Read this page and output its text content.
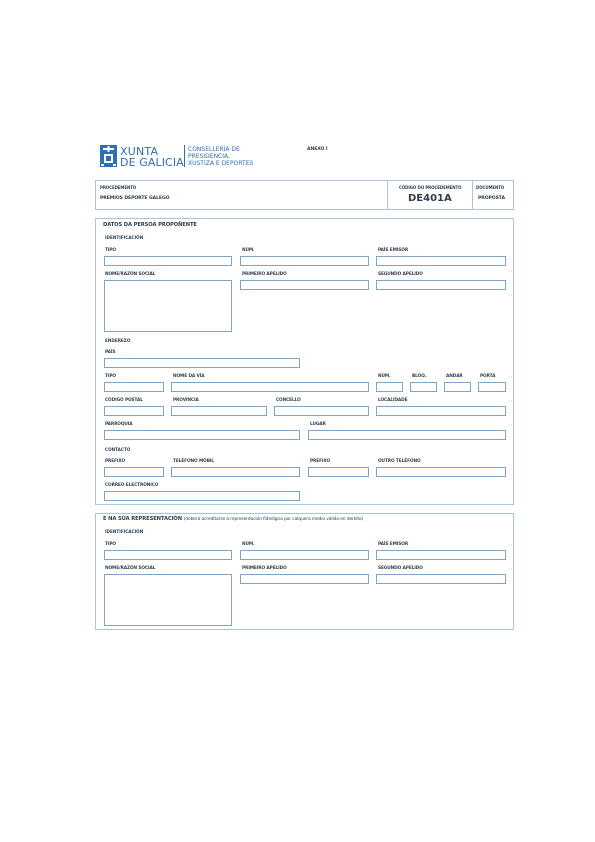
XUNTA
DE GALICIA
CONSELLERÍA DE
PRESIDENCIA,
XUSTIZA E DEPORTES
ANEXO I
PROCEDEMENTO
PREMIOS DEPORTE GALEGO
CÓDIGO DO PROCEDEMENTO
DE401A
DOCUMENTO
PROPOSTA
DATOS DA PERSOA PROPOÑENTE
IDENTIFICACIÓN
TIPO	NÚM.	PAÍS EMISOR
NOME/RAZÓN SOCIAL	PRIMEIRO APELIDO	SEGUNDO APELIDO
ENDEREZO
PAÍS
TIPO	NOME DA VÍA	NÚM.	BLOQ.	ANDAR	PORTA
CÓDIGO POSTAL	PROVINCIA	CONCELLO	LOCALIDADE
PARROQUIA	LUGAR
CONTACTO
PREFIXO	TELÉFONO MÓBIL	PREFIXO	OUTRO TELÉFONO
CORREO ELECTRÓNICO
E NA SÚA REPRESENTACIÓN (deberá acreditarse a representación fidedigna por calquera medio válido en dereito)
IDENTIFICACIÓN
TIPO	NÚM.	PAÍS EMISOR
NOME/RAZÓN SOCIAL	PRIMEIRO APELIDO	SEGUNDO APELIDO
